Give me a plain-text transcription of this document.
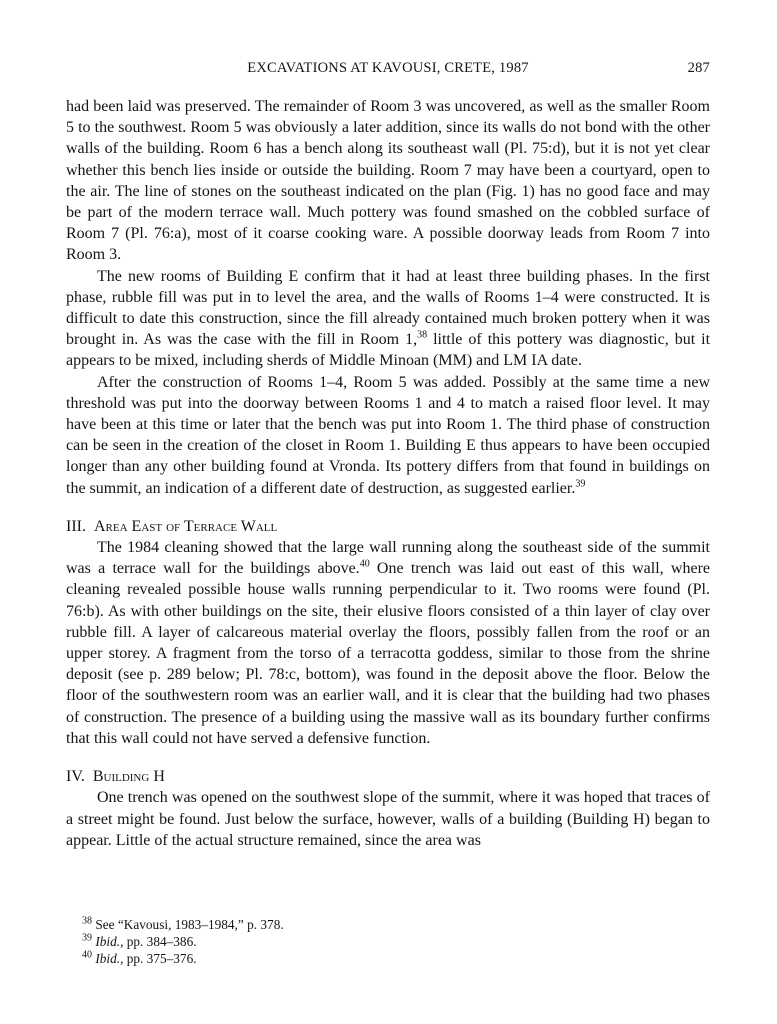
EXCAVATIONS AT KAVOUSI, CRETE, 1987	287

had been laid was preserved. The remainder of Room 3 was uncovered, as well as the smaller Room 5 to the southwest. Room 5 was obviously a later addition, since its walls do not bond with the other walls of the building. Room 6 has a bench along its southeast wall (Pl. 75:d), but it is not yet clear whether this bench lies inside or outside the building. Room 7 may have been a courtyard, open to the air. The line of stones on the southeast indicated on the plan (Fig. 1) has no good face and may be part of the modern terrace wall. Much pottery was found smashed on the cobbled surface of Room 7 (Pl. 76:a), most of it coarse cooking ware. A possible doorway leads from Room 7 into Room 3.

The new rooms of Building E confirm that it had at least three building phases. In the first phase, rubble fill was put in to level the area, and the walls of Rooms 1–4 were constructed. It is difficult to date this construction, since the fill already contained much broken pottery when it was brought in. As was the case with the fill in Room 1,38 little of this pottery was diagnostic, but it appears to be mixed, including sherds of Middle Minoan (MM) and LM IA date.

After the construction of Rooms 1–4, Room 5 was added. Possibly at the same time a new threshold was put into the doorway between Rooms 1 and 4 to match a raised floor level. It may have been at this time or later that the bench was put into Room 1. The third phase of construction can be seen in the creation of the closet in Room 1. Building E thus appears to have been occupied longer than any other building found at Vronda. Its pottery differs from that found in buildings on the summit, an indication of a different date of destruction, as suggested earlier.$^{39}$

III. Area East of Terrace Wall

The 1984 cleaning showed that the large wall running along the southeast side of the summit was a terrace wall for the buildings above.$^{40}$ One trench was laid out east of this wall, where cleaning revealed possible house walls running perpendicular to it. Two rooms were found (Pl. 76:b). As with other buildings on the site, their elusive floors consisted of a thin layer of clay over rubble fill. A layer of calcareous material overlay the floors, possibly fallen from the roof or an upper storey. A fragment from the torso of a terracotta goddess, similar to those from the shrine deposit (see p. 289 below; Pl. 78:c, bottom), was found in the deposit above the floor. Below the floor of the southwestern room was an earlier wall, and it is clear that the building had two phases of construction. The presence of a building using the massive wall as its boundary further confirms that this wall could not have served a defensive function.

IV. Building H

One trench was opened on the southwest slope of the summit, where it was hoped that traces of a street might be found. Just below the surface, however, walls of a building (Building H) began to appear. Little of the actual structure remained, since the area was

$^{38}$ See “Kavousi, 1983–1984,” p. 378.
$^{39}$ Ibid., pp. 384–386.
$^{40}$ Ibid., pp. 375–376.
